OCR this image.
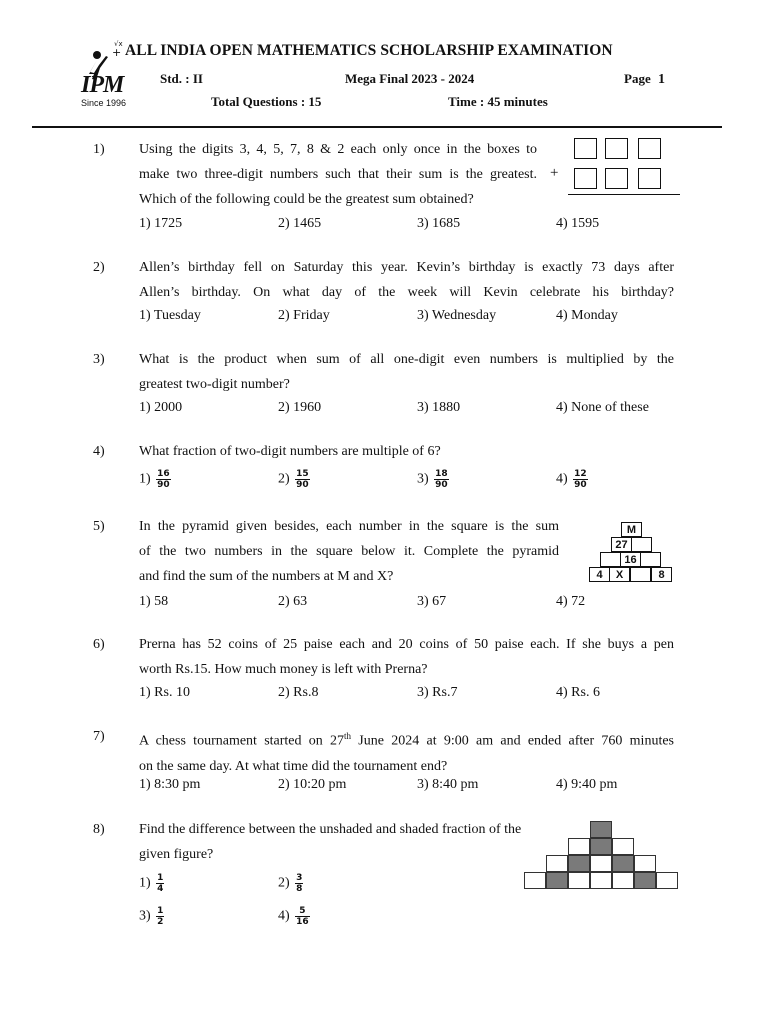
√x
+
IPM
Since 1996
ALL INDIA OPEN MATHEMATICS SCHOLARSHIP EXAMINATION
Std. : II	Mega Final 2023 - 2024	Page 1
Total Questions : 15	Time : 45 minutes
1) Using the digits 3, 4, 5, 7, 8 & 2 each only once in the boxes to
make two three-digit numbers such that their sum is the greatest.
Which of the following could be the greatest sum obtained?
+
1) 1725	2) 1465	3) 1685	4) 1595
2) Allen’s birthday fell on Saturday this year. Kevin’s birthday is exactly 73 days after
Allen’s birthday. On what day of the week will Kevin celebrate his birthday?
1) Tuesday	2) Friday	3) Wednesday	4) Monday
3) What is the product when sum of all one-digit even numbers is multiplied by the
greatest two-digit number?
1) 2000	2) 1960	3) 1880	4) None of these
4) What fraction of two-digit numbers are multiple of 6?
$1) \frac{16}{90}$	$2) \frac{15}{90}$	$3) \frac{18}{90}$	$4) \frac{12}{90}$
5) In the pyramid given besides, each number in the square is the sum
of the two numbers in the square below it. Complete the pyramid
and find the sum of the numbers at M and X?
M
27
16
4	X	8
1) 58	2) 63	3) 67	4) 72
6) Prerna has 52 coins of 25 paise each and 20 coins of 50 paise each. If she buys a pen
worth Rs.15. How much money is left with Prerna?
1) Rs. 10	2) Rs.8	3) Rs.7	4) Rs. 6
7) A chess tournament started on 27th June 2024 at 9:00 am and ended after 760 minutes
on the same day. At what time did the tournament end?
1) 8:30 pm	2) 10:20 pm	3) 8:40 pm	4) 9:40 pm
8) Find the difference between the unshaded and shaded fraction of the
given figure?
$1) \frac{1}{4}$	$2) \frac{3}{8}$
$3) \frac{1}{2}$	$4) \frac{5}{16}$
